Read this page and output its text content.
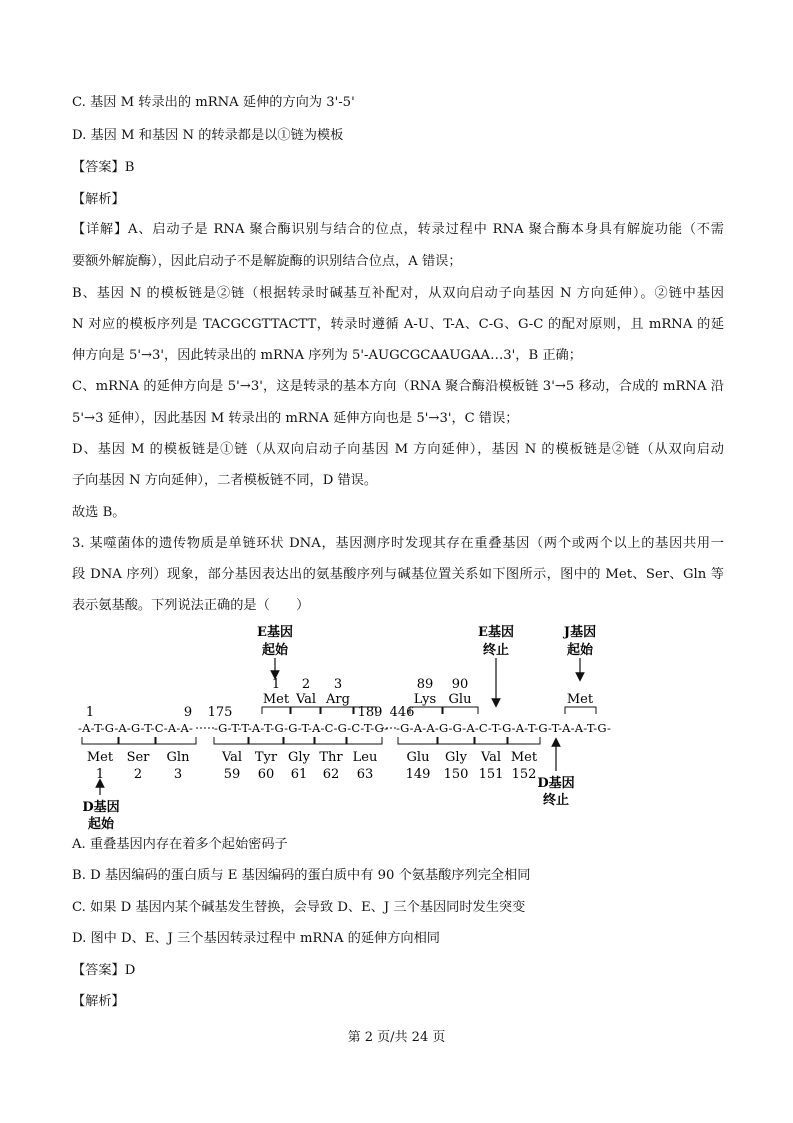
C. 基因 M 转录出的 mRNA 延伸的方向为 3'-5'
D. 基因 M 和基因 N 的转录都是以①链为模板
【答案】B
【解析】
【详解】A、启动子是 RNA 聚合酶识别与结合的位点，转录过程中 RNA 聚合酶本身具有解旋功能（不需
要额外解旋酶），因此启动子不是解旋酶的识别结合位点，A 错误；
B、基因 N 的模板链是②链（根据转录时碱基互补配对，从双向启动子向基因 N 方向延伸）。②链中基因
N 对应的模板序列是 TACGCGTTACTT，转录时遵循 A-U、T-A、C-G、G-C 的配对原则，且 mRNA 的延
伸方向是 5'→3'，因此转录出的 mRNA 序列为 5'-AUGCGCAAUGAA…3'，B 正确；
C、mRNA 的延伸方向是 5'→3'，这是转录的基本方向（RNA 聚合酶沿模板链 3'→5 移动，合成的 mRNA 沿
5'→3 延伸），因此基因 M 转录出的 mRNA 延伸方向也是 5'→3'，C 错误；
D、基因 M 的模板链是①链（从双向启动子向基因 M 方向延伸），基因 N 的模板链是②链（从双向启动
子向基因 N 方向延伸），二者模板链不同，D 错误。
故选 B。
3. 某噬菌体的遗传物质是单链环状 DNA，基因测序时发现其存在重叠基因（两个或两个以上的基因共用一
段 DNA 序列）现象，部分基因表达出的氨基酸序列与碱基位置关系如下图所示，图中的 Met、Ser、Gln 等
表示氨基酸。下列说法正确的是（　　）
E基因
起始
E基因
终止
J基因
起始
1 2 3	89 90
Met Val Arg	Lys Glu	Met
1	9 175	189 446
-A-T-G-A-G-T-C-A-A- -G-T-T-A-T-G-G-T-A-C-G-C-T-G- -G-A-A-G-G-A-C-T-G-A-T-G-T-A-A-T-G-
Met Ser Gln Val Tyr Gly Thr Leu Glu Gly Val Met
1 2 3	59 60 61 62 63 149 150 151 152
D基因
起始
D基因
终止
A. 重叠基因内存在着多个起始密码子
B. D 基因编码的蛋白质与 E 基因编码的蛋白质中有 90 个氨基酸序列完全相同
C. 如果 D 基因内某个碱基发生替换，会导致 D、E、J 三个基因同时发生突变
D. 图中 D、E、J 三个基因转录过程中 mRNA 的延伸方向相同
【答案】D
【解析】
第 2 页/共 24 页
